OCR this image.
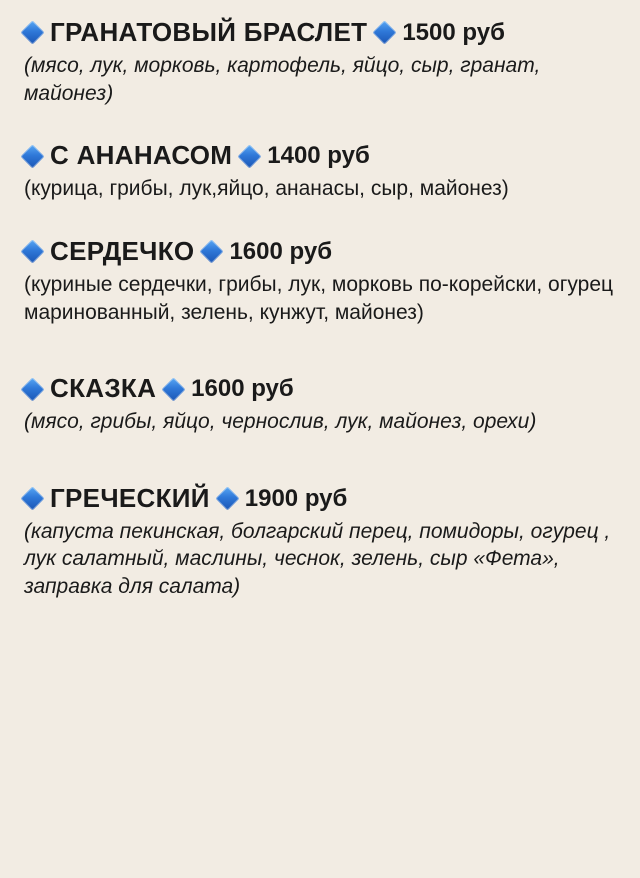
ГРАНАТОВЫЙ БРАСЛЕТ 1500 руб
(мясо, лук, морковь, картофель, яйцо, сыр, гранат, майонез)
С АНАНАСОМ 1400 руб
(курица, грибы, лук,яйцо, ананасы, сыр, майонез)
СЕРДЕЧКО 1600 руб
(куриные сердечки, грибы, лук, морковь по-корейски, огурец маринованный, зелень, кунжут, майонез)
СКАЗКА 1600 руб
(мясо, грибы, яйцо, чернослив, лук, майонез, орехи)
ГРЕЧЕСКИЙ 1900 руб
(капуста пекинская, болгарский перец, помидоры, огурец , лук салатный, маслины, чеснок, зелень, сыр «Фета», заправка для салата)
